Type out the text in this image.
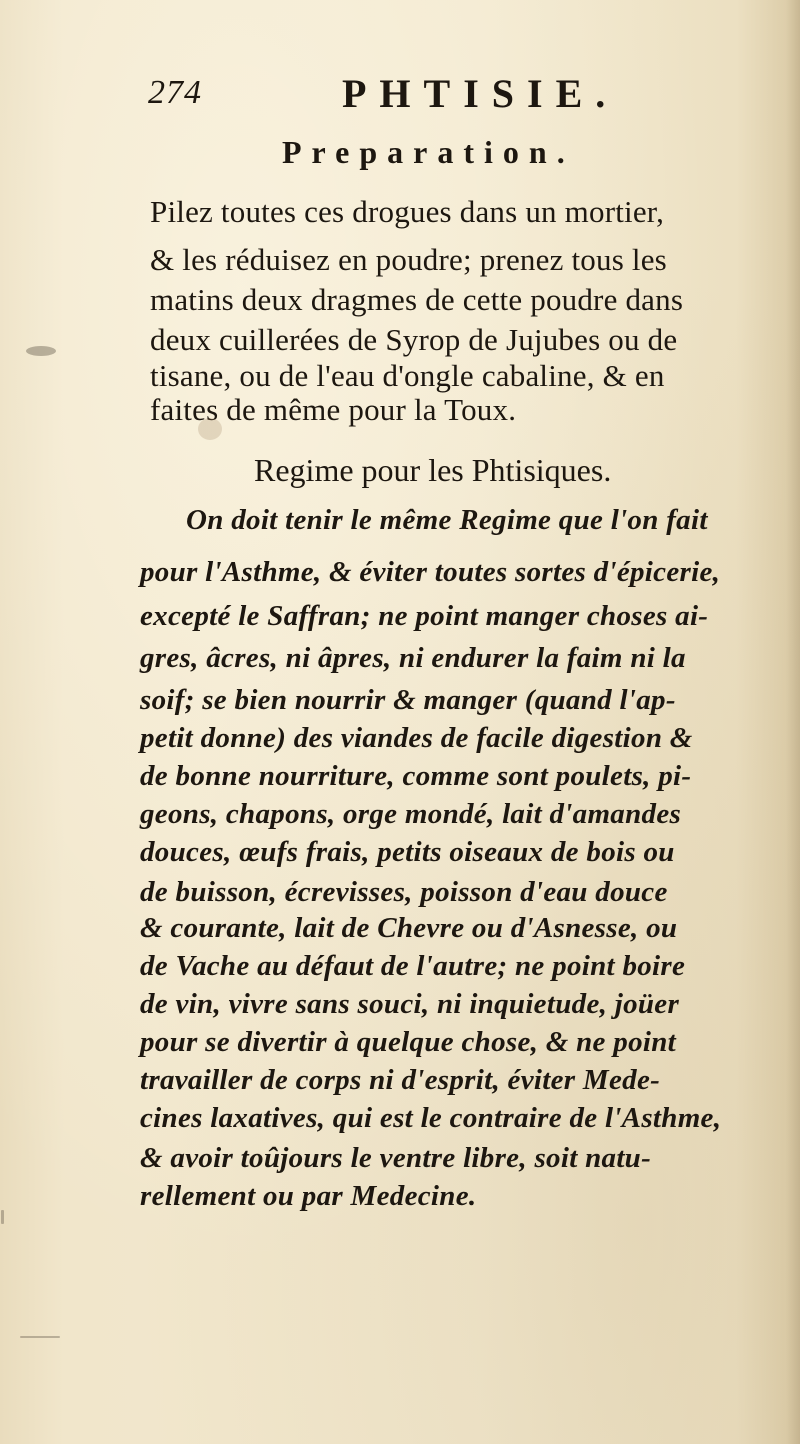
274	PHTISIE.
Preparation.
Pilez toutes ces drogues dans un mortier,
& les réduisez en poudre; prenez tous les
matins deux dragmes de cette poudre dans
deux cuillerées de Syrop de Jujubes ou de
tisane, ou de l'eau d'ongle cabaline, & en
faites de même pour la Toux.
Regime pour les Phtisiques.
On doit tenir le même Regime que l'on fait
pour l'Asthme, & éviter toutes sortes d'épicerie,
excepté le Saffran; ne point manger choses ai-
gres, âcres, ni âpres, ni endurer la faim ni la
soif; se bien nourrir & manger (quand l'ap-
petit donne) des viandes de facile digestion &
de bonne nourriture, comme sont poulets, pi-
geons, chapons, orge mondé, lait d'amandes
douces, œufs frais, petits oiseaux de bois ou
de buisson, écrevisses, poisson d'eau douce
& courante, lait de Chevre ou d'Asnesse, ou
de Vache au défaut de l'autre; ne point boire
de vin, vivre sans souci, ni inquietude, joüer
pour se divertir à quelque chose, & ne point
travailler de corps ni d'esprit, éviter Mede-
cines laxatives, qui est le contraire de l'Asthme,
& avoir toûjours le ventre libre, soit natu-
rellement ou par Medecine.
